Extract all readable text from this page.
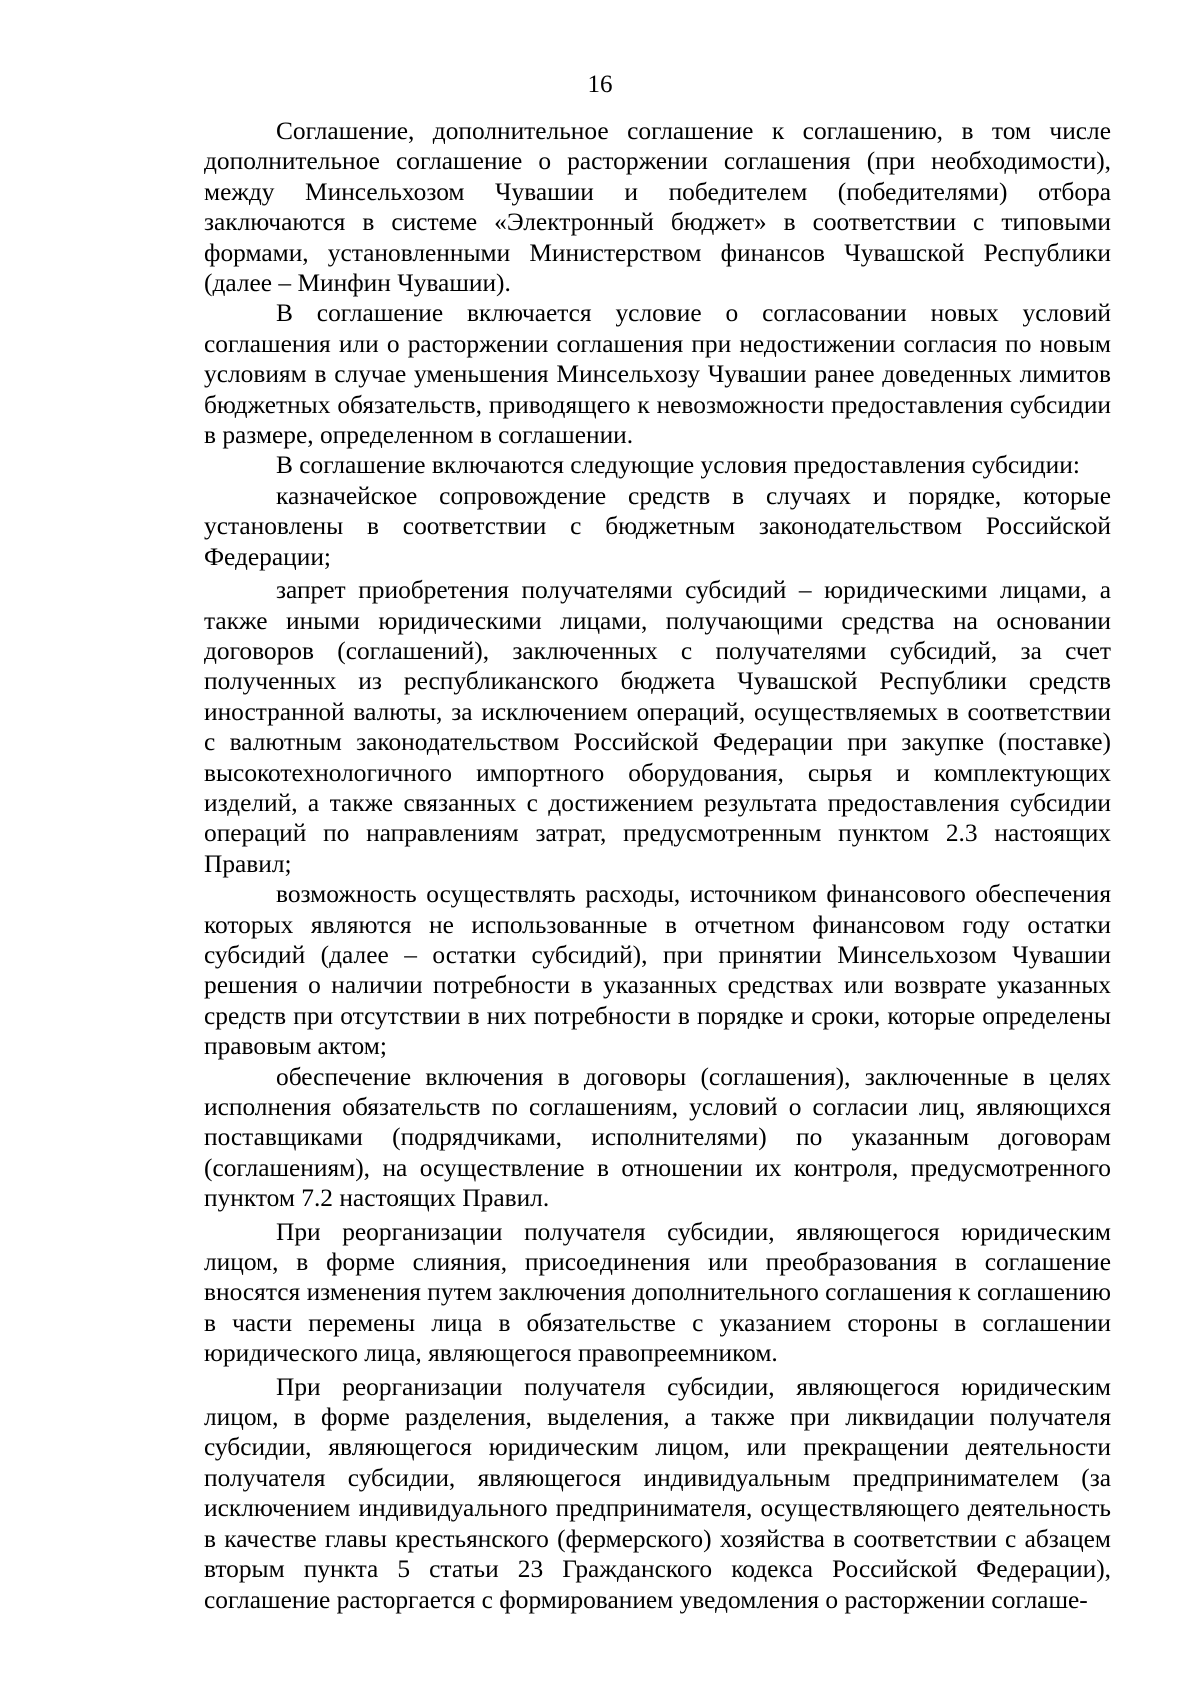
16

Соглашение, дополнительное соглашение к соглашению, в том числе дополнительное соглашение о расторжении соглашения (при необходимости), между Минсельхозом Чувашии и победителем (победителями) отбора заключаются в системе «Электронный бюджет» в соответствии с типовыми формами, установленными Министерством финансов Чувашской Республики (далее – Минфин Чувашии).

В соглашение включается условие о согласовании новых условий соглашения или о расторжении соглашения при недостижении согласия по новым условиям в случае уменьшения Минсельхозу Чувашии ранее доведенных лимитов бюджетных обязательств, приводящего к невозможности предоставления субсидии в размере, определенном в соглашении.

В соглашение включаются следующие условия предоставления субсидии:

казначейское сопровождение средств в случаях и порядке, которые установлены в соответствии с бюджетным законодательством Российской Федерации;

запрет приобретения получателями субсидий – юридическими лицами, а также иными юридическими лицами, получающими средства на основании договоров (соглашений), заключенных с получателями субсидий, за счет полученных из республиканского бюджета Чувашской Республики средств иностранной валюты, за исключением операций, осуществляемых в соответствии с валютным законодательством Российской Федерации при закупке (поставке) высокотехнологичного импортного оборудования, сырья и комплектующих изделий, а также связанных с достижением результата предоставления субсидии операций по направлениям затрат, предусмотренным пунктом 2.3 настоящих Правил;

возможность осуществлять расходы, источником финансового обеспечения которых являются не использованные в отчетном финансовом году остатки субсидий (далее – остатки субсидий), при принятии Минсельхозом Чувашии решения о наличии потребности в указанных средствах или возврате указанных средств при отсутствии в них потребности в порядке и сроки, которые определены правовым актом;

обеспечение включения в договоры (соглашения), заключенные в целях исполнения обязательств по соглашениям, условий о согласии лиц, являющихся поставщиками (подрядчиками, исполнителями) по указанным договорам (соглашениям), на осуществление в отношении их контроля, предусмотренного пунктом 7.2 настоящих Правил.

При реорганизации получателя субсидии, являющегося юридическим лицом, в форме слияния, присоединения или преобразования в соглашение вносятся изменения путем заключения дополнительного соглашения к соглашению в части перемены лица в обязательстве с указанием стороны в соглашении юридического лица, являющегося правопреемником.

При реорганизации получателя субсидии, являющегося юридическим лицом, в форме разделения, выделения, а также при ликвидации получателя субсидии, являющегося юридическим лицом, или прекращении деятельности получателя субсидии, являющегося индивидуальным предпринимателем (за исключением индивидуального предпринимателя, осуществляющего деятельность в качестве главы крестьянского (фермерского) хозяйства в соответствии с абзацем вторым пункта 5 статьи 23 Гражданского кодекса Российской Федерации), соглашение расторгается с формированием уведомления о расторжении соглаше-
